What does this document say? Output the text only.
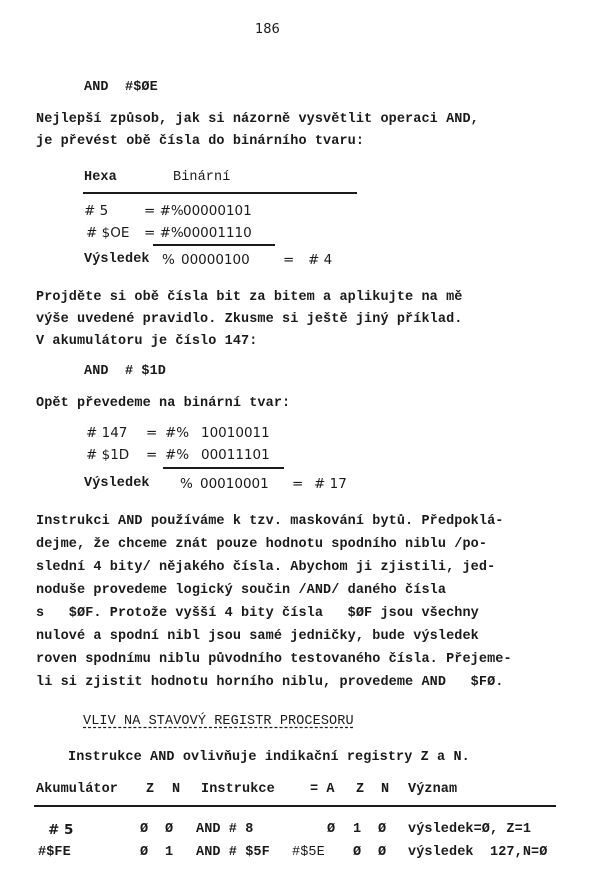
186
AND  #$ØE
Nejlepší způsob, jak si názorně vysvětlit operaci AND,
je převést obě čísla do binárního tvaru:
Hexa	Binární
# 5	= #% 00000101
# $OE = #% 00001110
Výsledek % 00000100 = # 4
Projděte si obě čísla bit za bitem a aplikujte na mě
výše uvedené pravidlo. Zkusme si ještě jiný příklad.
V akumulátoru je číslo 147:
AND  # $1D
Opět převedeme na binární tvar:
# 147 = #% 10010011
# $1D = #% 00011101
Výsledek % 00010001 = # 17
Instrukci AND používáme k tzv. maskování bytů. Předpoklá-
dejme, že chceme znát pouze hodnotu spodního niblu /po-
slední 4 bity/ nějakého čísla. Abychom ji zjistili, jed-
noduše provedeme logický součin /AND/ daného čísla
s   $ØF. Protože vyšší 4 bity čísla   $ØF jsou všechny
nulové a spodní nibl jsou samé jedničky, bude výsledek
roven spodnímu niblu původního testovaného čísla. Přejeme-
li si zjistit hodnotu horního niblu, provedeme AND   $FØ.
VLIV NA STAVOVÝ REGISTR PROCESORU
Instrukce AND ovlivňuje indikační registry Z a N.
Akumulátor Z N Instrukce	= A Z N Význam
# 5	Ø Ø AND # 8	Ø 1 Ø výsledek=Ø, Z=1
#$FE	Ø 1 AND # $5F #$5E Ø Ø výsledek  127,N=Ø
